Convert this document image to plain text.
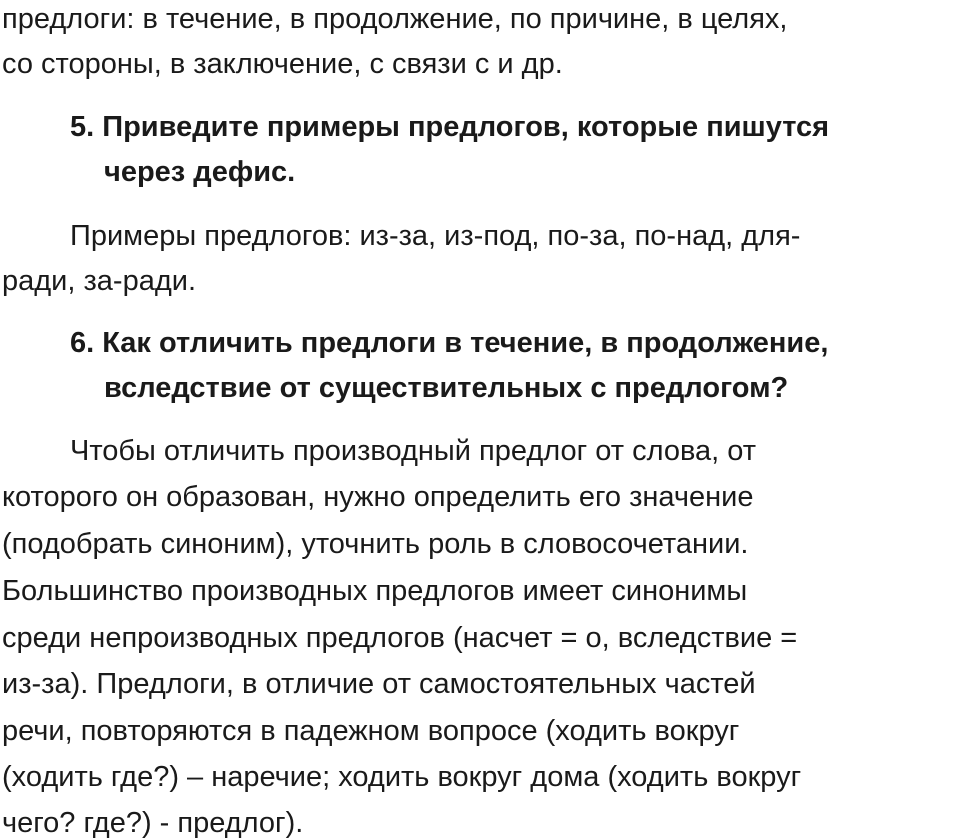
предлоги: в течение, в продолжение, по причине, в целях,
со стороны, в заключение, с связи с и др.
5. Приведите примеры предлогов, которые пишутся
через дефис.
Примеры предлогов: из-за, из-под, по-за, по-над, для-
ради, за-ради.
6. Как отличить предлоги в течение, в продолжение,
вследствие от существительных с предлогом?
Чтобы отличить производный предлог от слова, от
которого он образован, нужно определить его значение
(подобрать синоним), уточнить роль в словосочетании.
Большинство производных предлогов имеет синонимы
среди непроизводных предлогов (насчет = о, вследствие =
из-за). Предлоги, в отличие от самостоятельных частей
речи, повторяются в падежном вопросе (ходить вокруг
(ходить где?) – наречие; ходить вокруг дома (ходить вокруг
чего? где?) - предлог).
